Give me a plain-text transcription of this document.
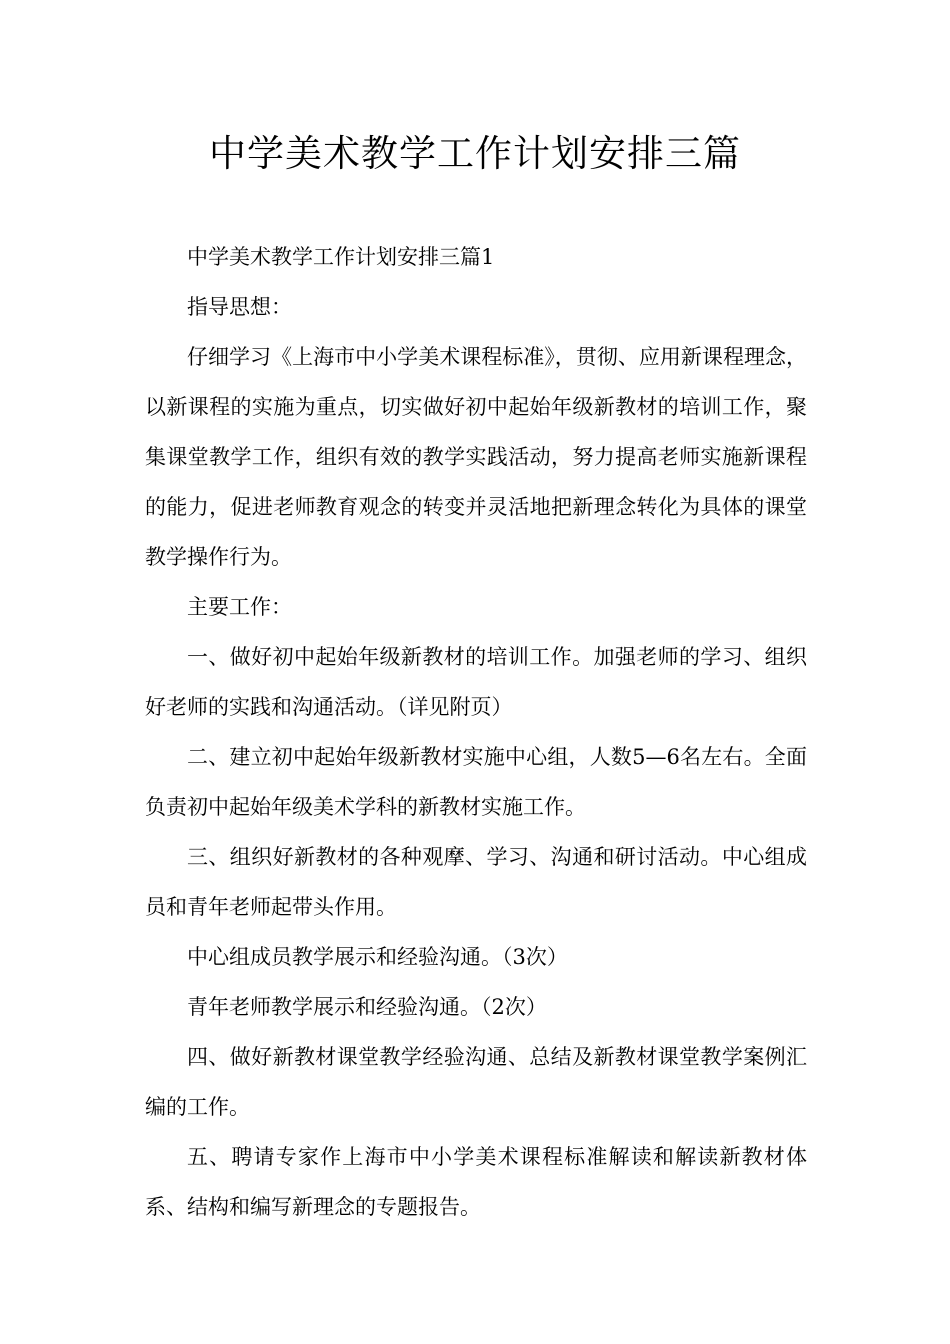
中学美术教学工作计划安排三篇

中学美术教学工作计划安排三篇1

指导思想：

仔细学习《上海市中小学美术课程标准》，贯彻、应用新课程理念，以新课程的实施为重点，切实做好初中起始年级新教材的培训工作，聚集课堂教学工作，组织有效的教学实践活动，努力提高老师实施新课程的能力，促进老师教育观念的转变并灵活地把新理念转化为具体的课堂教学操作行为。

主要工作：

一、做好初中起始年级新教材的培训工作。加强老师的学习、组织好老师的实践和沟通活动。（详见附页）

二、建立初中起始年级新教材实施中心组，人数5—6名左右。全面负责初中起始年级美术学科的新教材实施工作。

三、组织好新教材的各种观摩、学习、沟通和研讨活动。中心组成员和青年老师起带头作用。

中心组成员教学展示和经验沟通。（3次）

青年老师教学展示和经验沟通。（2次）

四、做好新教材课堂教学经验沟通、总结及新教材课堂教学案例汇编的工作。

五、聘请专家作上海市中小学美术课程标准解读和解读新教材体系、结构和编写新理念的专题报告。
